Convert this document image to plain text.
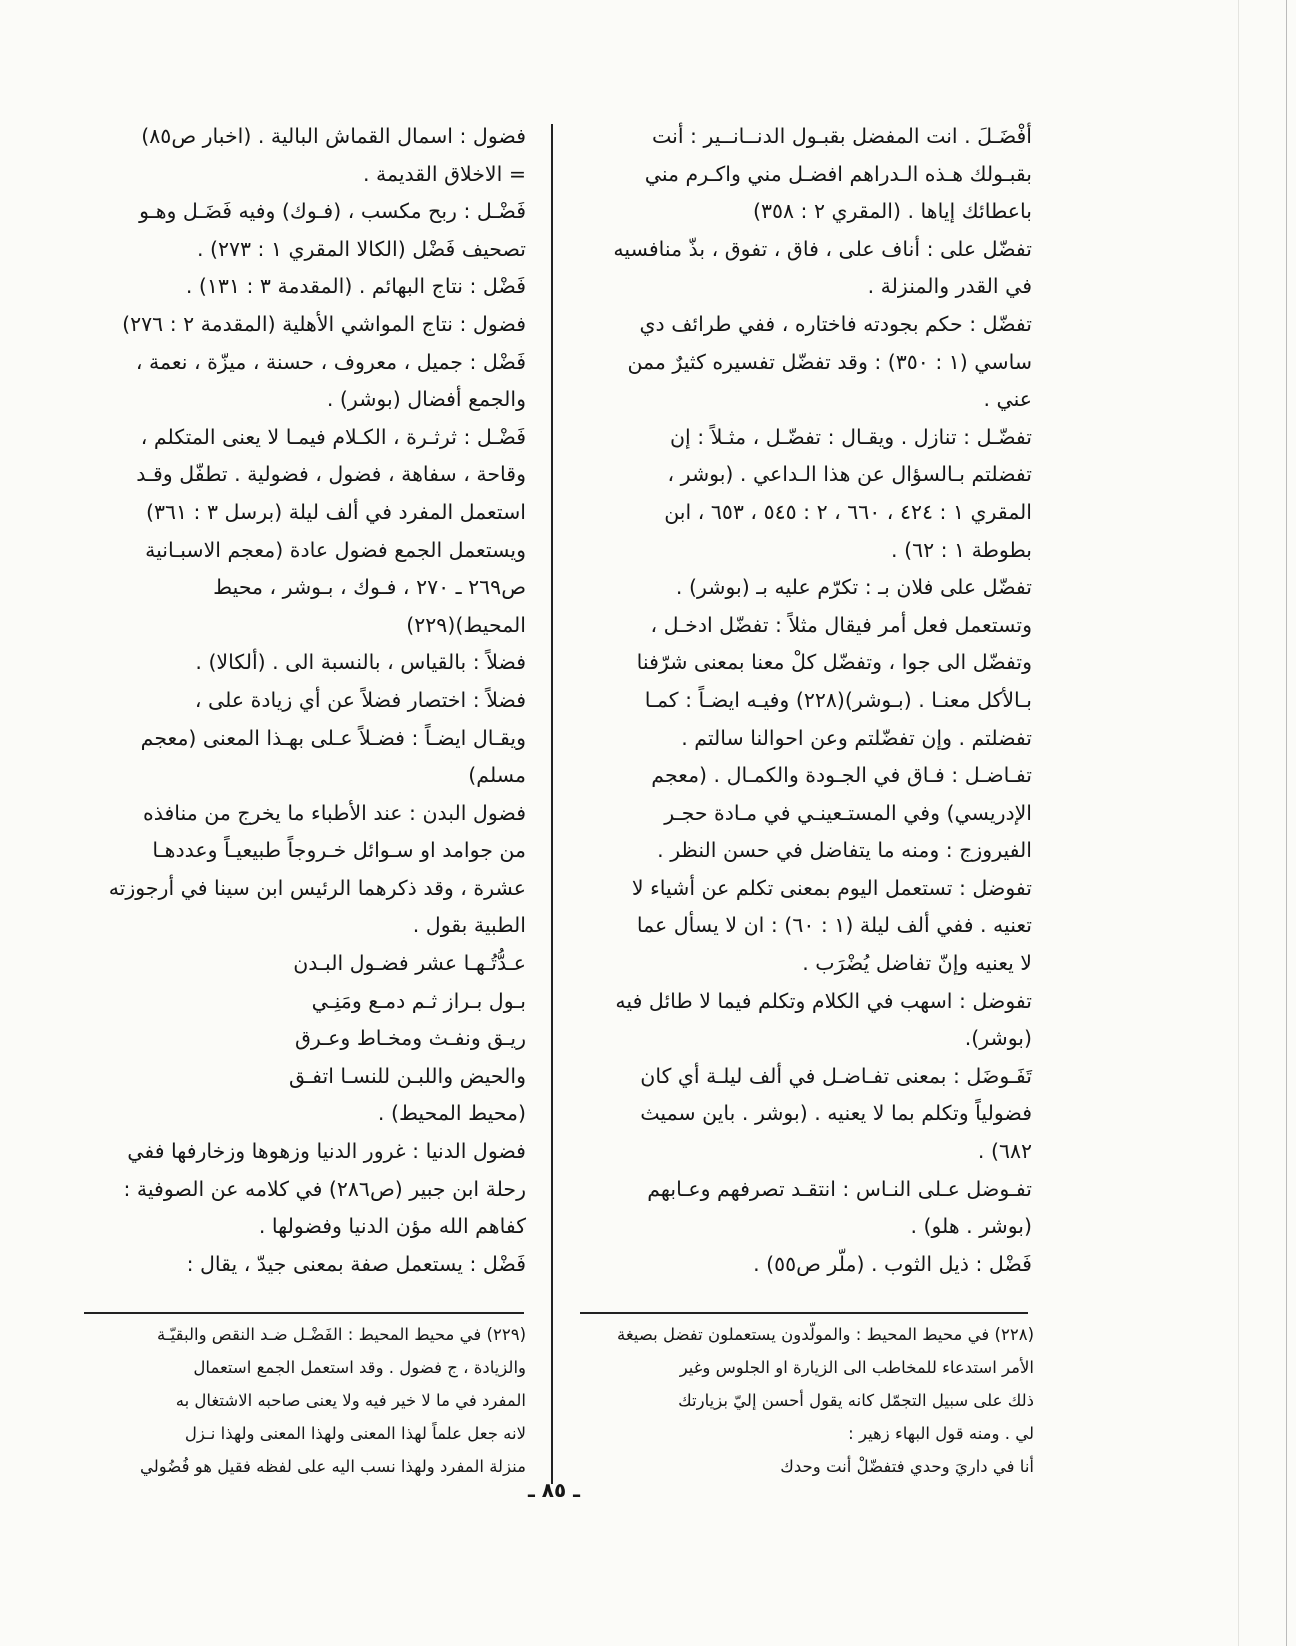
أفْضَـلَ . انت المفضل بقبـول الدنــانــير : أنت

بقبـولك هـذه الـدراهم افضـل مني واكـرم مني

باعطائك إياها . (المقري ٢ : ٣٥٨)

تفضّل على : أناف على ، فاق ، تفوق ، بذّ منافسيه

في القدر والمنزلة .

تفضّل : حكم بجودته فاختاره ، ففي طرائف دي

ساسي (١ : ٣٥٠) : وقد تفضّل تفسيره كثيرٌ ممن

عني .

تفضّـل : تنازل . ويقـال : تفضّـل ، مثـلاً : إن

تفضلتم بـالسؤال عن هذا الـداعي . (بوشر ،

المقري ١ : ٤٢٤ ، ٦٦٠ ، ٢ : ٥٤٥ ، ٦٥٣ ، ابن

بطوطة ١ : ٦٢) .

تفضّل على فلان بـ : تكرّم عليه بـ (بوشر) .

وتستعمل فعل أمر فيقال مثلاً : تفضّل ادخـل ،

وتفضّل الى جوا ، وتفضّل كلْ معنا بمعنى شرّفنا

بـالأكل معنـا . (بـوشر)(٢٢٨) وفيـه ايضـاً : كمـا

تفضلتم . وإن تفضّلتم وعن احوالنا سالتم .

تفـاضـل : فـاق في الجـودة والكمـال . (معجم

الإدريسي) وفي المستـعينـي في مـادة حجـر

الفيروزج : ومنه ما يتفاضل في حسن النظر .

تفوضل : تستعمل اليوم بمعنى تكلم عن أشياء لا

تعنيه . ففي ألف ليلة (١ : ٦٠) : ان لا يسأل عما

لا يعنيه وإنّ تفاضل يُضْرَب .

تفوضل : اسهب في الكلام وتكلم فيما لا طائل فيه

(بوشر).

تَفَـوضَل : بمعنى تفـاضـل في ألف ليلـة أي كان

فضولياً وتكلم بما لا يعنيه . (بوشر . باين سميث

٦٨٢) .

تفـوضل عـلى النـاس : انتقـد تصرفهم وعـابهم

(بوشر . هلو) .

فَضْل : ذيل الثوب . (ملّر ص٥٥) .

فضول : اسمال القماش البالية . (اخبار ص٨٥)

= الاخلاق القديمة .

فَضْـل : ربح مكسب ، (فـوك) وفيه فَضَـل وهـو

تصحيف فَضْل (الكالا المقري ١ : ٢٧٣) .

فَضْل : نتاج البهائم . (المقدمة ٣ : ١٣١) .

فضول : نتاج المواشي الأهلية (المقدمة ٢ : ٢٧٦)

فَضْل : جميل ، معروف ، حسنة ، ميزّة ، نعمة ،

والجمع أفضال (بوشر) .

فَضْـل : ثرثـرة ، الكـلام فيمـا لا يعنى المتكلم ،

وقاحة ، سفاهة ، فضول ، فضولية . تطفّل وقـد

استعمل المفرد في ألف ليلة (برسل ٣ : ٣٦١)

ويستعمل الجمع فضول عادة (معجم الاسبـانية

ص٢٦٩ ـ ٢٧٠ ، فـوك ، بـوشر ، محيط

المحيط)(٢٢٩)

فضلاً : بالقياس ، بالنسبة الى . (ألكالا) .

فضلاً : اختصار فضلاً عن أي زيادة على ،

ويقـال ايضـاً : فضـلاً عـلى بهـذا المعنى (معجم

مسلم)

فضول البدن : عند الأطباء ما يخرج من منافذه

من جوامد او سـوائل خـروجاً طبيعيـاً وعددهـا

عشرة ، وقد ذكرهما الرئيس ابن سينا في أرجوزته

الطبية بقول .

عـدُّتُـهـا عشر فضـول البـدن

بـول بـراز ثـم دمـع ومَنِـي

ريـق ونفـث ومخـاط وعـرق

والحيض واللبـن للنسـا اتفـق

(محيط المحيط) .

فضول الدنيا : غرور الدنيا وزهوها وزخارفها ففي

رحلة ابن جبير (ص٢٨٦) في كلامه عن الصوفية :

كفاهم الله مؤن الدنيا وفضولها .

فَضْل : يستعمل صفة بمعنى جيدّ ، يقال :

(٢٢٨) في محيط المحيط : والمولّدون يستعملون تفضل بصيغة

الأمر استدعاء للمخاطب الى الزيارة او الجلوس وغير

ذلك على سبيل التجمّل كانه يقول أحسن إليّ بزيارتك

لي . ومنه قول البهاء زهير :

أنا في داريَ وحدي فتفضّلْ أنت وحدك

(٢٢٩) في محيط المحيط : الفَضْـل ضـد النقص والبقيّـة

والزيادة ، ج فضول . وقد استعمل الجمع استعمال

المفرد في ما لا خير فيه ولا يعنى صاحبه الاشتغال به

لانه جعل علماً لهذا المعنى ولهذا المعنى ولهذا نـزل

منزلة المفرد ولهذا نسب اليه على لفظه فقيل هو فُضُولي

ـ ٨٥ ـ
